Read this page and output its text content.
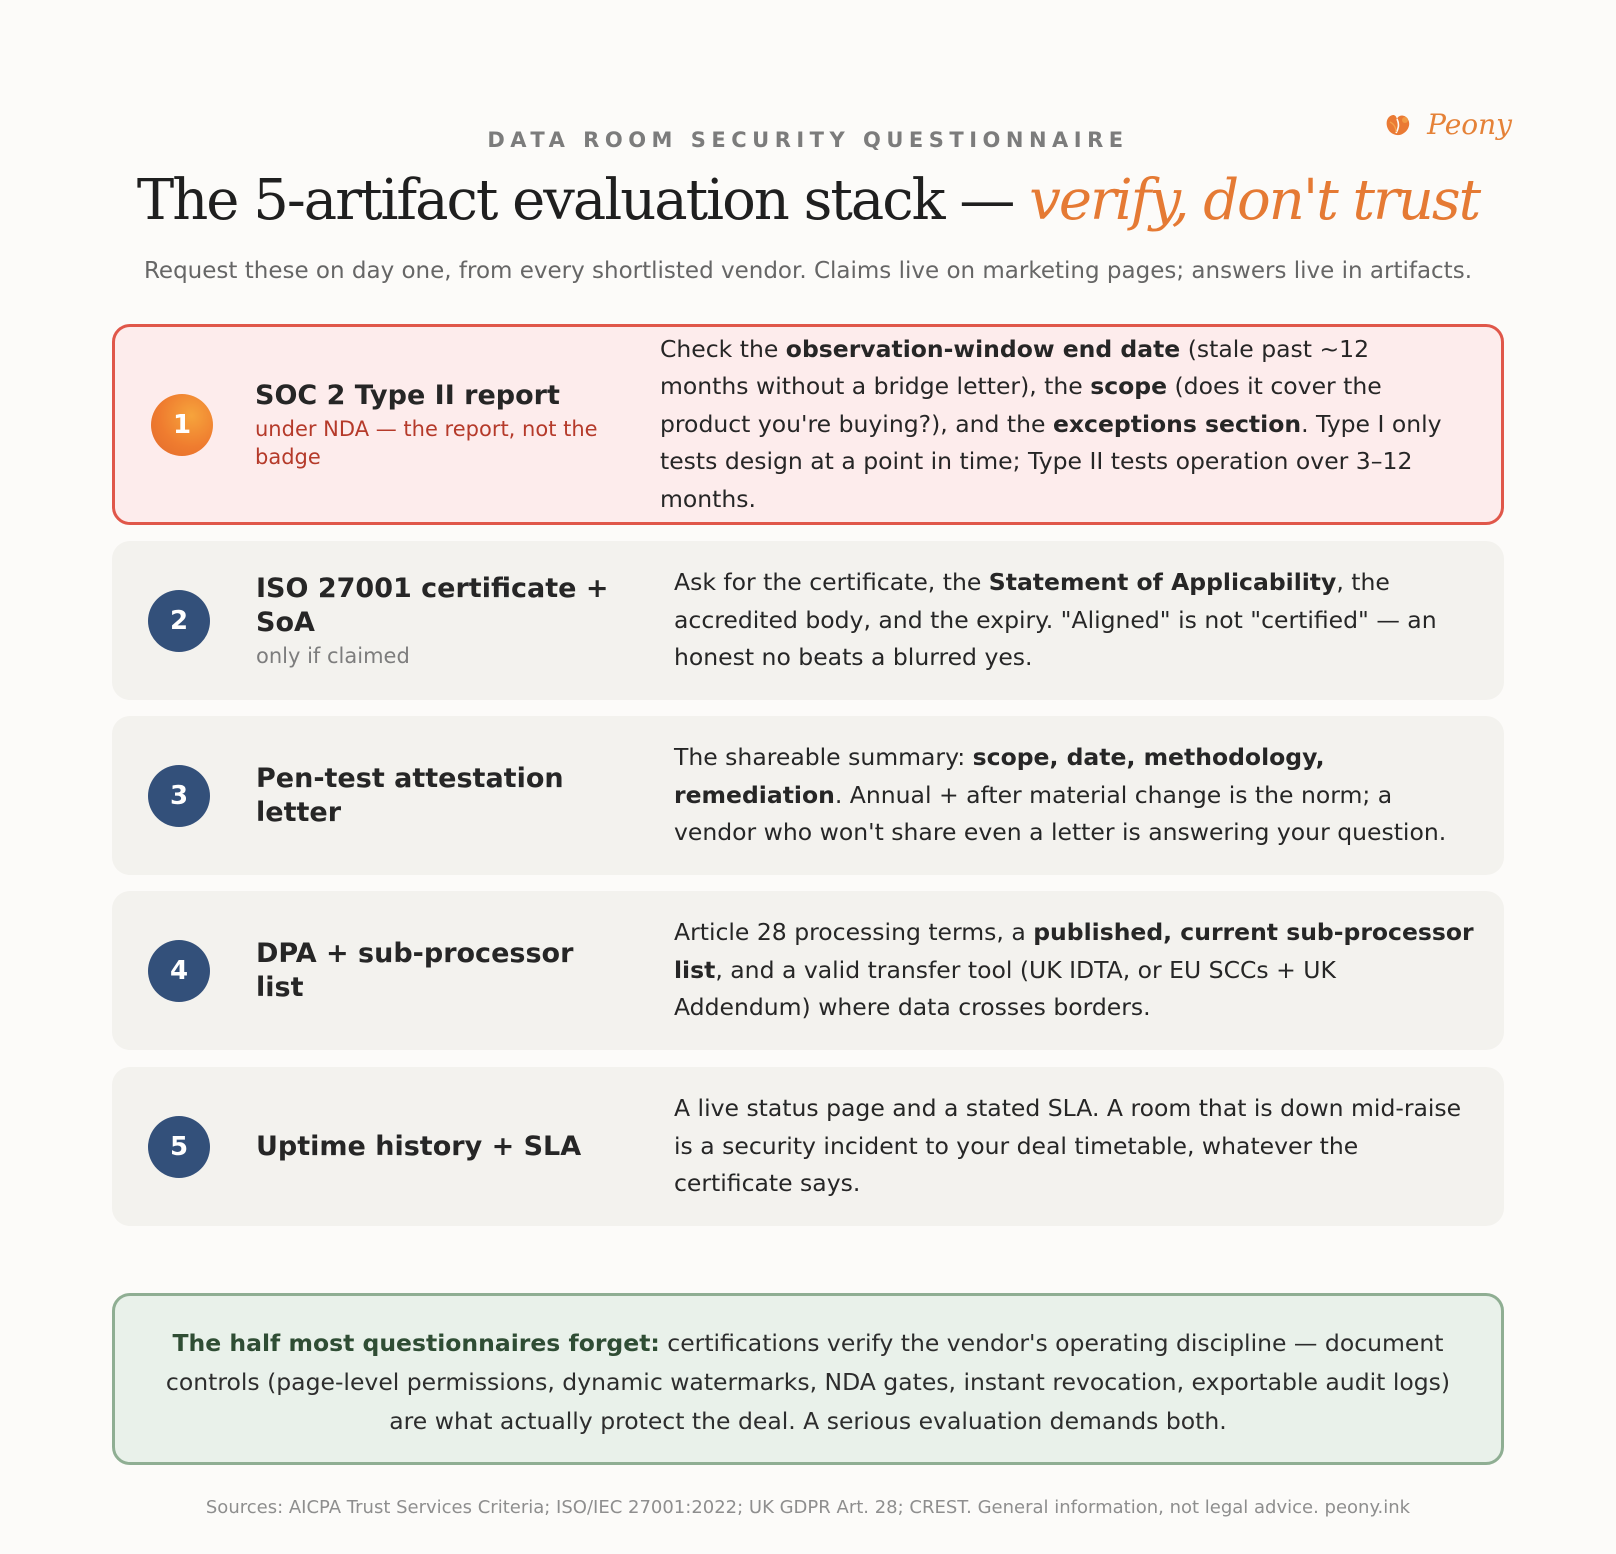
Peony
DATA ROOM SECURITY QUESTIONNAIRE
The 5-artifact evaluation stack — verify, don't trust
Request these on day one, from every shortlisted vendor. Claims live on marketing pages; answers live in artifacts.
1
SOC 2 Type II report
under NDA — the report, not the badge
Check the observation-window end date (stale past ~12 months without a bridge letter), the scope (does it cover the product you're buying?), and the exceptions section. Type I only tests design at a point in time; Type II tests operation over 3–12 months.
2
ISO 27001 certificate + SoA
only if claimed
Ask for the certificate, the Statement of Applicability, the accredited body, and the expiry. "Aligned" is not "certified" — an honest no beats a blurred yes.
3
Pen-test attestation letter
The shareable summary: scope, date, methodology, remediation. Annual + after material change is the norm; a vendor who won't share even a letter is answering your question.
4
DPA + sub-processor list
Article 28 processing terms, a published, current sub-processor list, and a valid transfer tool (UK IDTA, or EU SCCs + UK Addendum) where data crosses borders.
5	Uptime history + SLA
A live status page and a stated SLA. A room that is down mid-raise is a security incident to your deal timetable, whatever the certificate says.
The half most questionnaires forget: certifications verify the vendor's operating discipline — document controls (page-level permissions, dynamic watermarks, NDA gates, instant revocation, exportable audit logs) are what actually protect the deal. A serious evaluation demands both.
Sources: AICPA Trust Services Criteria; ISO/IEC 27001:2022; UK GDPR Art. 28; CREST. General information, not legal advice. peony.ink
